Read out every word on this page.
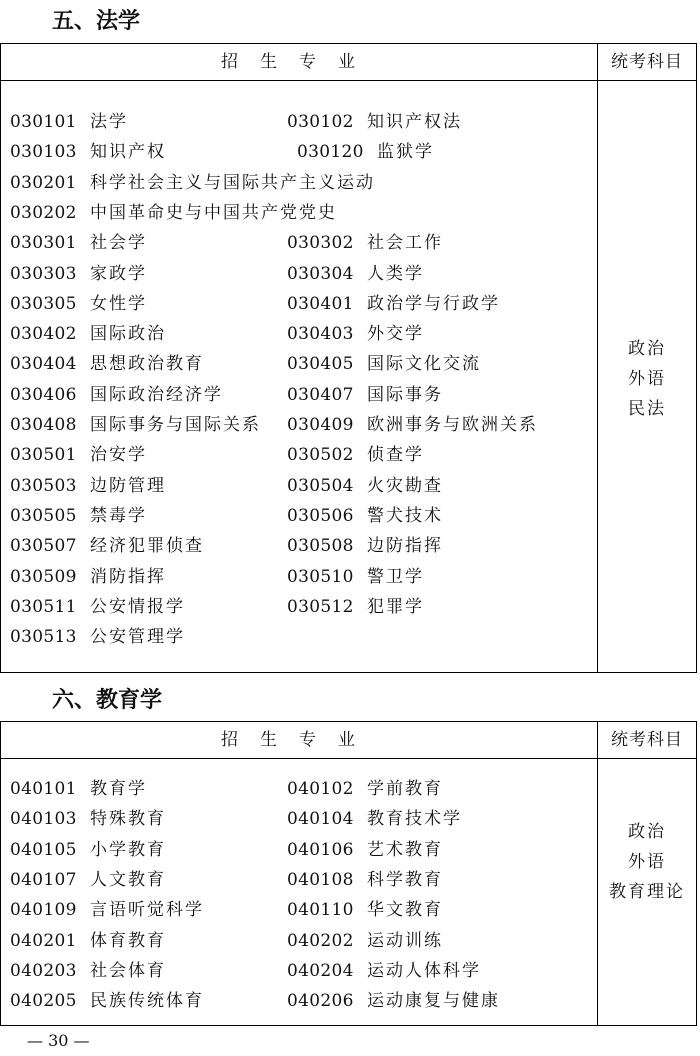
五、法学
招生专业	统考科目
030101 法学	030102 知识产权法
030103 知识产权	030120 监狱学
030201 科学社会主义与国际共产主义运动
030202 中国革命史与中国共产党党史
030301 社会学	030302 社会工作
030303 家政学	030304 人类学
030305 女性学	030401 政治学与行政学
030402 国际政治	030403 外交学
030404 思想政治教育	030405 国际文化交流
030406 国际政治经济学	030407 国际事务
030408 国际事务与国际关系 030409 欧洲事务与欧洲关系
030501 治安学	030502 侦查学
030503 边防管理	030504 火灾勘查
030505 禁毒学	030506 警犬技术
030507 经济犯罪侦查	030508 边防指挥
030509 消防指挥	030510 警卫学
030511 公安情报学	030512 犯罪学
030513 公安管理学
政治
外语
民法
六、教育学
招生专业	统考科目
040101 教育学	040102 学前教育
040103 特殊教育	040104 教育技术学
040105 小学教育	040106 艺术教育
040107 人文教育	040108 科学教育
040109 言语听觉科学	040110 华文教育
040201 体育教育	040202 运动训练
040203 社会体育	040204 运动人体科学
040205 民族传统体育	040206 运动康复与健康
政治
外语
教育理论
— 30 —
